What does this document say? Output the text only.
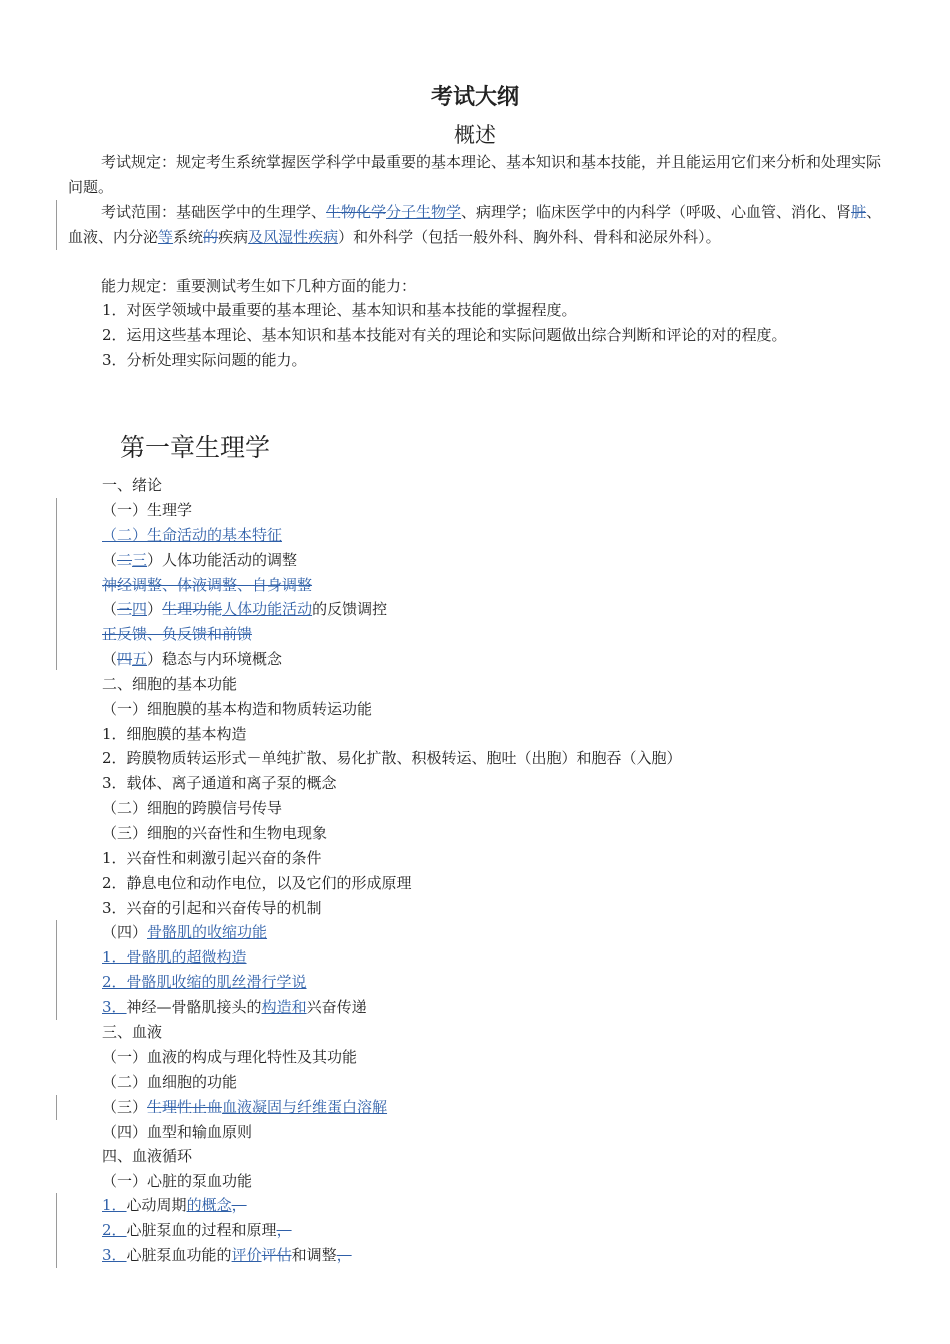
考试大纲
概述
考试规定：规定考生系统掌握医学科学中最重要的基本理论、基本知识和基本技能，并且能运用它们来分析和处理实际问题。
考试范围：基础医学中的生理学、生物化学分子生物学、病理学；临床医学中的内科学（呼吸、心血管、消化、肾脏、血液、内分泌等系统的疾病及风湿性疾病）和外科学（包括一般外科、胸外科、骨科和泌尿外科）。
能力规定：重要测试考生如下几种方面的能力：
1．对医学领域中最重要的基本理论、基本知识和基本技能的掌握程度。
2．运用这些基本理论、基本知识和基本技能对有关的理论和实际问题做出综合判断和评论的对的程度。
3．分析处理实际问题的能力。
第一章生理学
一、绪论
（一）生理学
（二）生命活动的基本特征
（二三）人体功能活动的调整
神经调整、体液调整、自身调整
（三四）生理功能人体功能活动的反馈调控
正反馈、负反馈和前馈
（四五）稳态与内环境概念
二、细胞的基本功能
（一）细胞膜的基本构造和物质转运功能
1．细胞膜的基本构造
2．跨膜物质转运形式－单纯扩散、易化扩散、积极转运、胞吐（出胞）和胞吞（入胞）
3．载体、离子通道和离子泵的概念
（二）细胞的跨膜信号传导
（三）细胞的兴奋性和生物电现象
1．兴奋性和刺激引起兴奋的条件
2．静息电位和动作电位，以及它们的形成原理
3．兴奋的引起和兴奋传导的机制
（四）骨骼肌的收缩功能
1．骨骼肌的超微构造
2．骨骼肌收缩的肌丝滑行学说
3．神经—骨骼肌接头的构造和兴奋传递
三、血液
（一）血液的构成与理化特性及其功能
（二）血细胞的功能
（三）生理性止血血液凝固与纤维蛋白溶解
（四）血型和输血原则
四、血液循环
（一）心脏的泵血功能
1．心动周期的概念，
2．心脏泵血的过程和原理，
3．心脏泵血功能的评价评估和调整，
